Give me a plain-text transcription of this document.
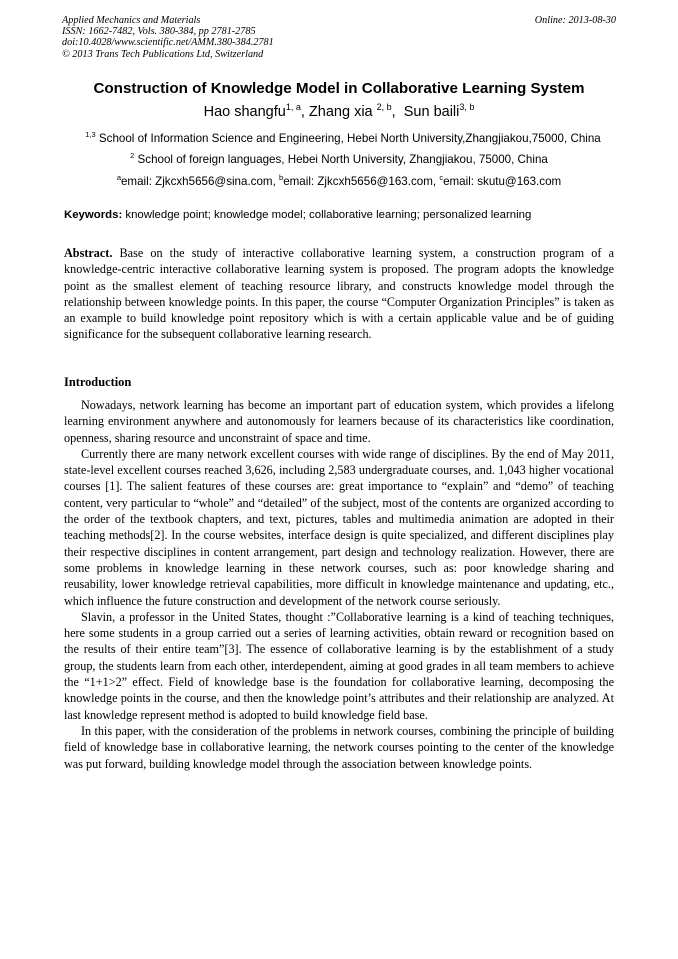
Applied Mechanics and Materials
ISSN: 1662-7482, Vols. 380-384, pp 2781-2785
doi:10.4028/www.scientific.net/AMM.380-384.2781
© 2013 Trans Tech Publications Ltd, Switzerland
Online: 2013-08-30
Construction of Knowledge Model in Collaborative Learning System
Hao shangfu$^{1, a}$, Zhang xia $^{2, b}$,  Sun baili$^{3, b}$
$^{1,3}$ School of Information Science and Engineering, Hebei North University,Zhangjiakou,75000, China
$^2$ School of foreign languages, Hebei North University, Zhangjiakou, 75000, China
$^a$email: Zjkcxh5656@sina.com, $^b$email: Zjkcxh5656@163.com, $^c$email: skutu@163.com
Keywords: knowledge point; knowledge model; collaborative learning; personalized learning
Abstract. Base on the study of interactive collaborative learning system, a construction program of a knowledge-centric interactive collaborative learning system is proposed. The program adopts the knowledge point as the smallest element of teaching resource library, and constructs knowledge model through the relationship between knowledge points. In this paper, the course “Computer Organization Principles” is taken as an example to build knowledge point repository which is with a certain applicable value and be of guiding significance for the subsequent collaborative learning research.
Introduction

Nowadays, network learning has become an important part of education system, which provides a lifelong learning environment anywhere and autonomously for learners because of its characteristics like coordination, openness, sharing resource and unconstraint of space and time.

Currently there are many network excellent courses with wide range of disciplines. By the end of May 2011, state-level excellent courses reached 3,626, including 2,583 undergraduate courses, and. 1,043 higher vocational courses [1]. The salient features of these courses are: great importance to “explain” and “demo” of teaching content, very particular to “whole” and “detailed” of the subject, most of the contents are organized according to the order of the textbook chapters, and text, pictures, tables and multimedia animation are adopted in their teaching methods[2]. In the course websites, interface design is quite specialized, and different disciplines play their respective disciplines in content arrangement, part design and technology realization. However, there are some problems in knowledge learning in these network courses, such as: poor knowledge sharing and reusability, lower knowledge retrieval capabilities, more difficult in knowledge maintenance and updating, etc., which influence the future construction and development of the network course seriously.

Slavin, a professor in the United States, thought :”Collaborative learning is a kind of teaching techniques, here some students in a group carried out a series of learning activities, obtain reward or recognition based on the results of their entire team”[3]. The essence of collaborative learning is by the establishment of a study group, the students learn from each other, interdependent, aiming at good grades in all team members to achieve the “1+1>2” effect. Field of knowledge base is the foundation for collaborative learning, decomposing the knowledge points in the course, and then the knowledge point’s attributes and their relationship are analyzed. At last knowledge represent method is adopted to build knowledge field base.

In this paper, with the consideration of the problems in network courses, combining the principle of building field of knowledge base in collaborative learning, the network courses pointing to the center of the knowledge was put forward, building knowledge model through the association between knowledge points.
